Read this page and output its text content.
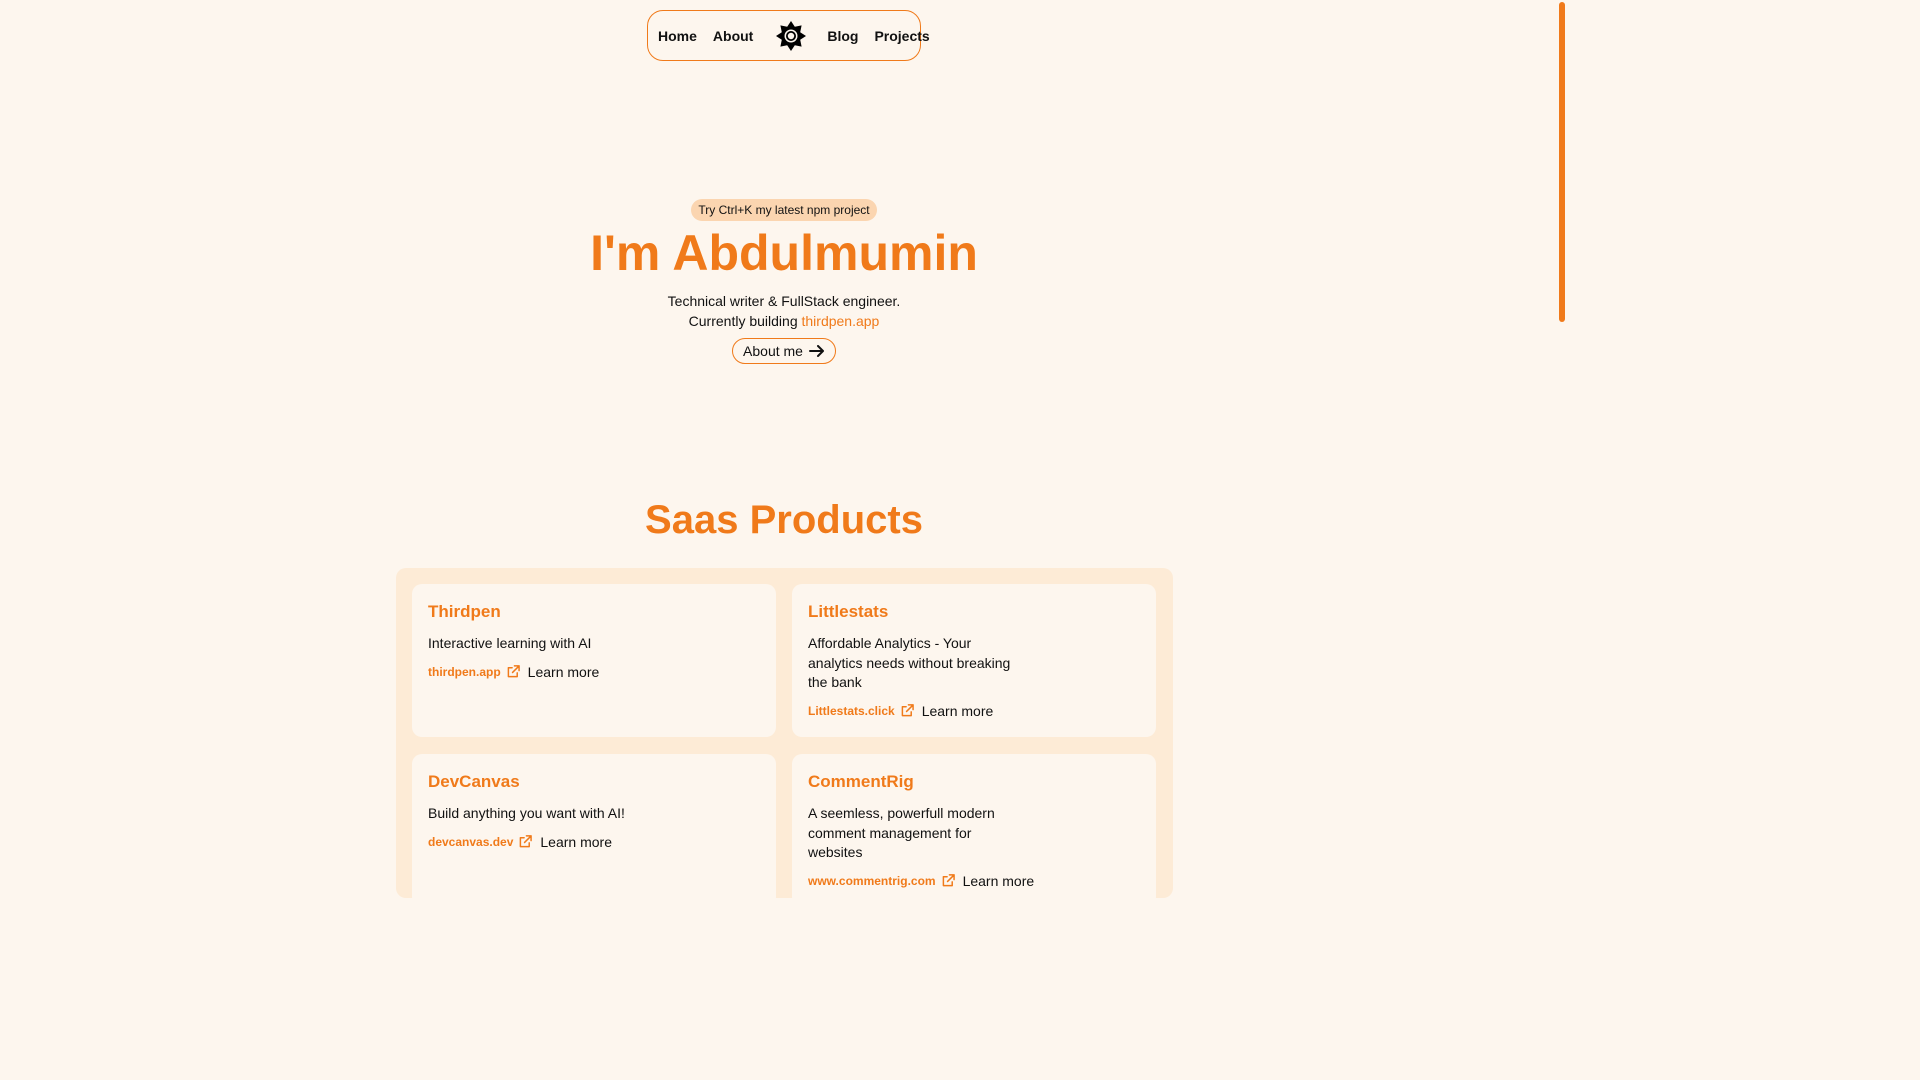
Home About	Blog Projects
Try Ctrl+K my latest npm project
I'm Abdulmumin

Technical writer & FullStack engineer.
Currently building thirdpen.app

About me
Saas Products
Thirdpen

Interactive learning with AI

thirdpen.app Learn more
Littlestats

Affordable Analytics - Your analytics needs without breaking the bank

Littlestats.click Learn more
DevCanvas

Build anything you want with AI!

devcanvas.dev Learn more
CommentRig

A seemless, powerfull modern comment management for websites

www.commentrig.com Learn more
